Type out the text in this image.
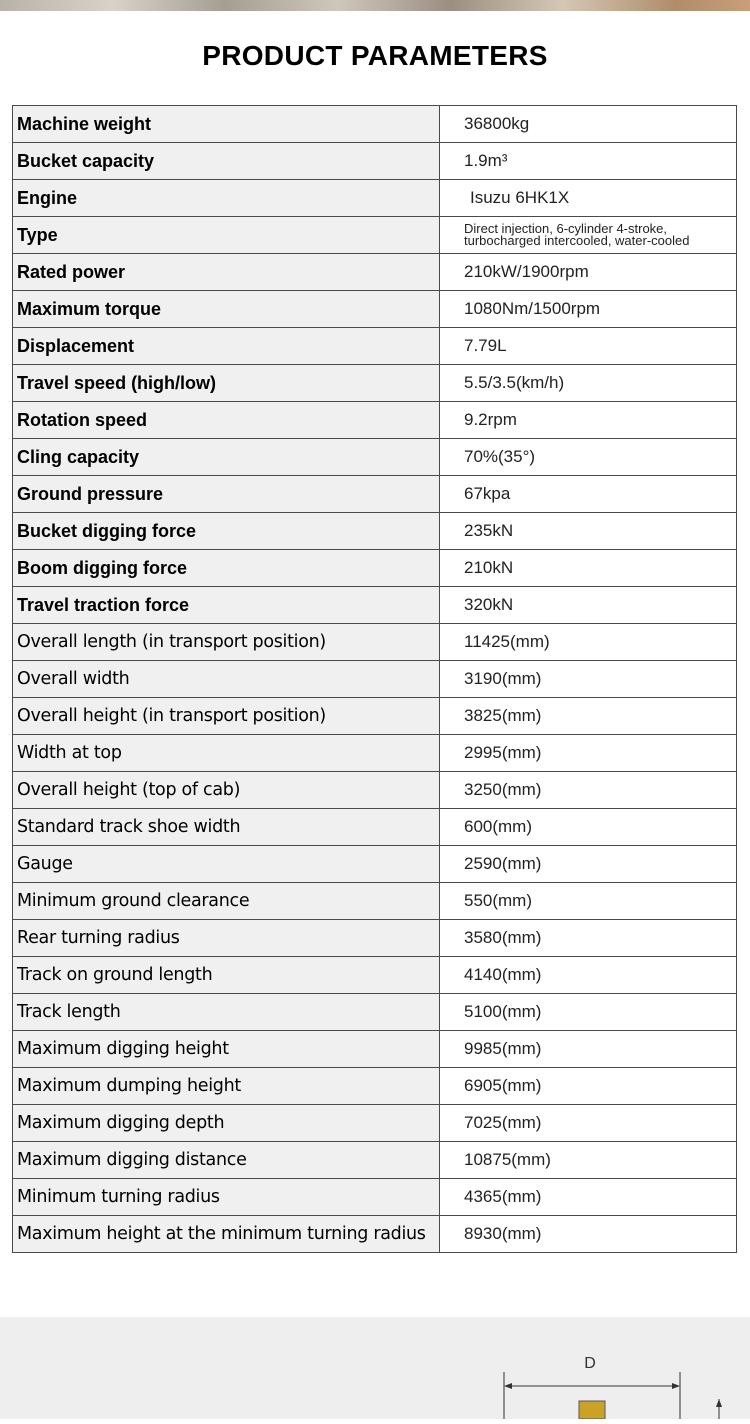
PRODUCT PARAMETERS
Machine weight	36800kg
Bucket capacity	1.9m³
Engine	Isuzu 6HK1X
Type	Direct injection, 6-cylinder 4-stroke, turbocharged intercooled, water-cooled
Rated power	210kW/1900rpm
Maximum torque	1080Nm/1500rpm
Displacement	7.79L
Travel speed (high/low)	5.5/3.5(km/h)
Rotation speed	9.2rpm
Cling capacity	70%(35°)
Ground pressure	67kpa
Bucket digging force	235kN
Boom digging force	210kN
Travel traction force	320kN
Overall length (in transport position)	11425(mm)
Overall width	3190(mm)
Overall height (in transport position)	3825(mm)
Width at top	2995(mm)
Overall height (top of cab)	3250(mm)
Standard track shoe width	600(mm)
Gauge	2590(mm)
Minimum ground clearance	550(mm)
Rear turning radius	3580(mm)
Track on ground length	4140(mm)
Track length	5100(mm)
Maximum digging height	9985(mm)
Maximum dumping height	6905(mm)
Maximum digging depth	7025(mm)
Maximum digging distance	10875(mm)
Minimum turning radius	4365(mm)
Maximum height at the minimum turning radius	8930(mm)
D
